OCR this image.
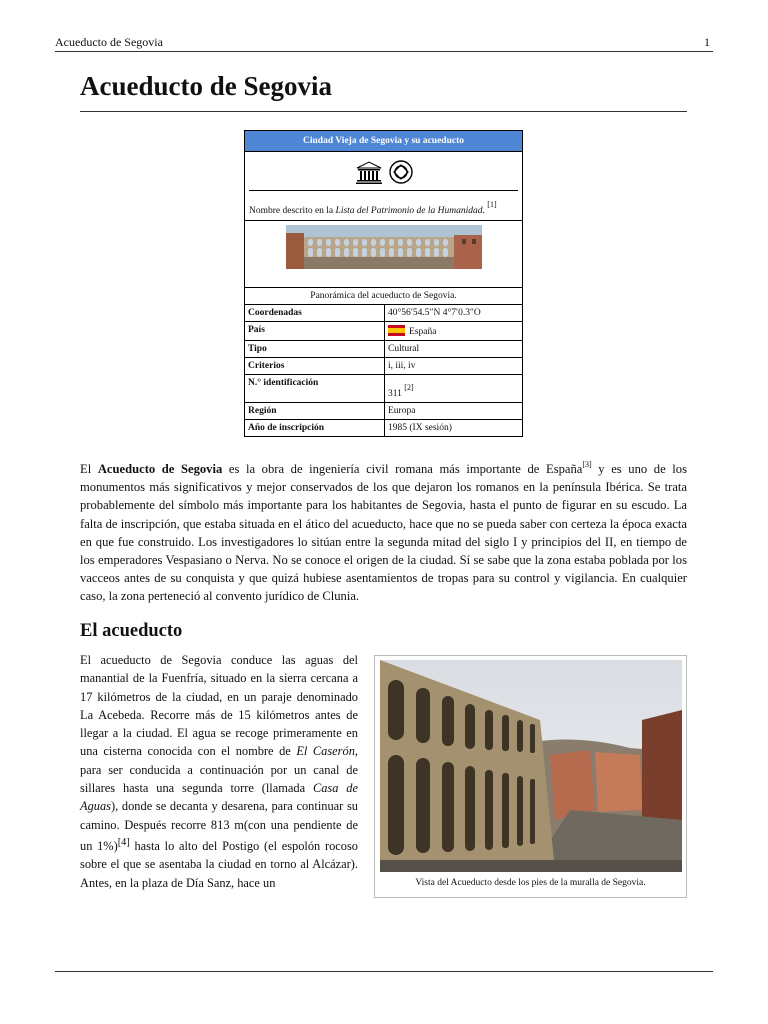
Acueducto de Segovia	1
Acueducto de Segovia
Ciudad Vieja de Segovia y su acueducto
Nombre descrito en la Lista del Patrimonio de la Humanidad. [1]
Panorámica del acueducto de Segovia.
Coordenadas	40°56′54.5″N 4°7′0.3″O
País	España
Tipo	Cultural
Criterios	i, iii, iv
N.° identificación	311 [2]
Región	Europa
Año de inscripción	1985 (IX sesión)

El Acueducto de Segovia es la obra de ingeniería civil romana más importante de España[3] y es uno de los monumentos más significativos y mejor conservados de los que dejaron los romanos en la península Ibérica. Se trata probablemente del símbolo más importante para los habitantes de Segovia, hasta el punto de figurar en su escudo. La falta de inscripción, que estaba situada en el ático del acueducto, hace que no se pueda saber con certeza la época exacta en que fue construido. Los investigadores lo sitúan entre la segunda mitad del siglo I y principios del II, en tiempo de los emperadores Vespasiano o Nerva. No se conoce el origen de la ciudad. Sí se sabe que la zona estaba poblada por los vacceos antes de su conquista y que quizá hubiese asentamientos de tropas para su control y vigilancia. En cualquier caso, la zona perteneció al convento jurídico de Clunia.

El acueducto

El acueducto de Segovia conduce las aguas del manantial de la Fuenfría, situado en la sierra cercana a 17 kilómetros de la ciudad, en un paraje denominado La Acebeda. Recorre más de 15 kilómetros antes de llegar a la ciudad. El agua se recoge primeramente en una cisterna conocida con el nombre de El Caserón, para ser conducida a continuación por un canal de sillares hasta una segunda torre (llamada Casa de Aguas), donde se decanta y desarena, para continuar su camino. Después recorre 813 m(con una pendiente de un 1%)[4] hasta lo alto del Postigo (el espolón rocoso sobre el que se asentaba la ciudad en torno al Alcázar). Antes, en la plaza de Día Sanz, hace un	Vista del Acueducto desde los pies de la muralla de Segovia.
